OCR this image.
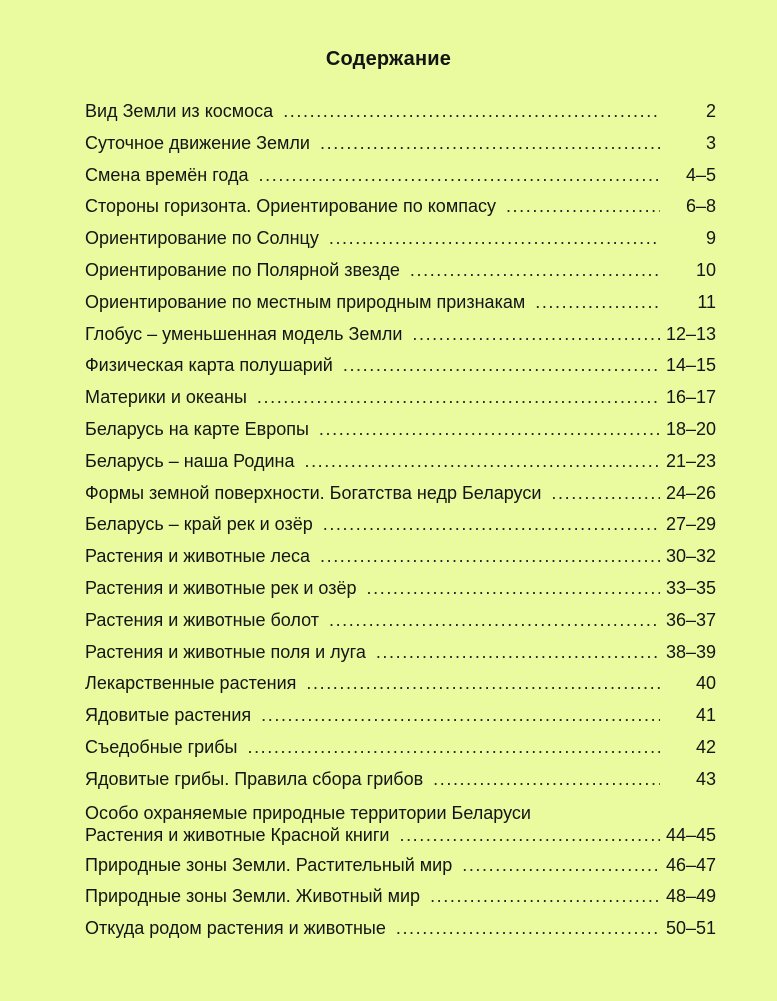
Содержание
Вид Земли из космоса .....	2
Суточное движение Земли .....	3
Смена времён года .....	4–5
Стороны горизонта. Ориентирование по компасу .....	6–8
Ориентирование по Солнцу .....	9
Ориентирование по Полярной звезде .....	10
Ориентирование по местным природным признакам .....	11
Глобус – уменьшенная модель Земли .....	12–13
Физическая карта полушарий .....	14–15
Материки и океаны .....	16–17
Беларусь на карте Европы .....	18–20
Беларусь – наша Родина .....	21–23
Формы земной поверхности. Богатства недр Беларуси .....	24–26
Беларусь – край рек и озёр .....	27–29
Растения и животные леса .....	30–32
Растения и животные рек и озёр .....	33–35
Растения и животные болот .....	36–37
Растения и животные поля и луга .....	38–39
Лекарственные растения .....	40
Ядовитые растения .....	41
Съедобные грибы .....	42
Ядовитые грибы. Правила сбора грибов .....	43
Особо охраняемые природные территории Беларуси
Растения и животные Красной книги .....	44–45
Природные зоны Земли. Растительный мир .....	46–47
Природные зоны Земли. Животный мир .....	48–49
Откуда родом растения и животные .....	50–51
